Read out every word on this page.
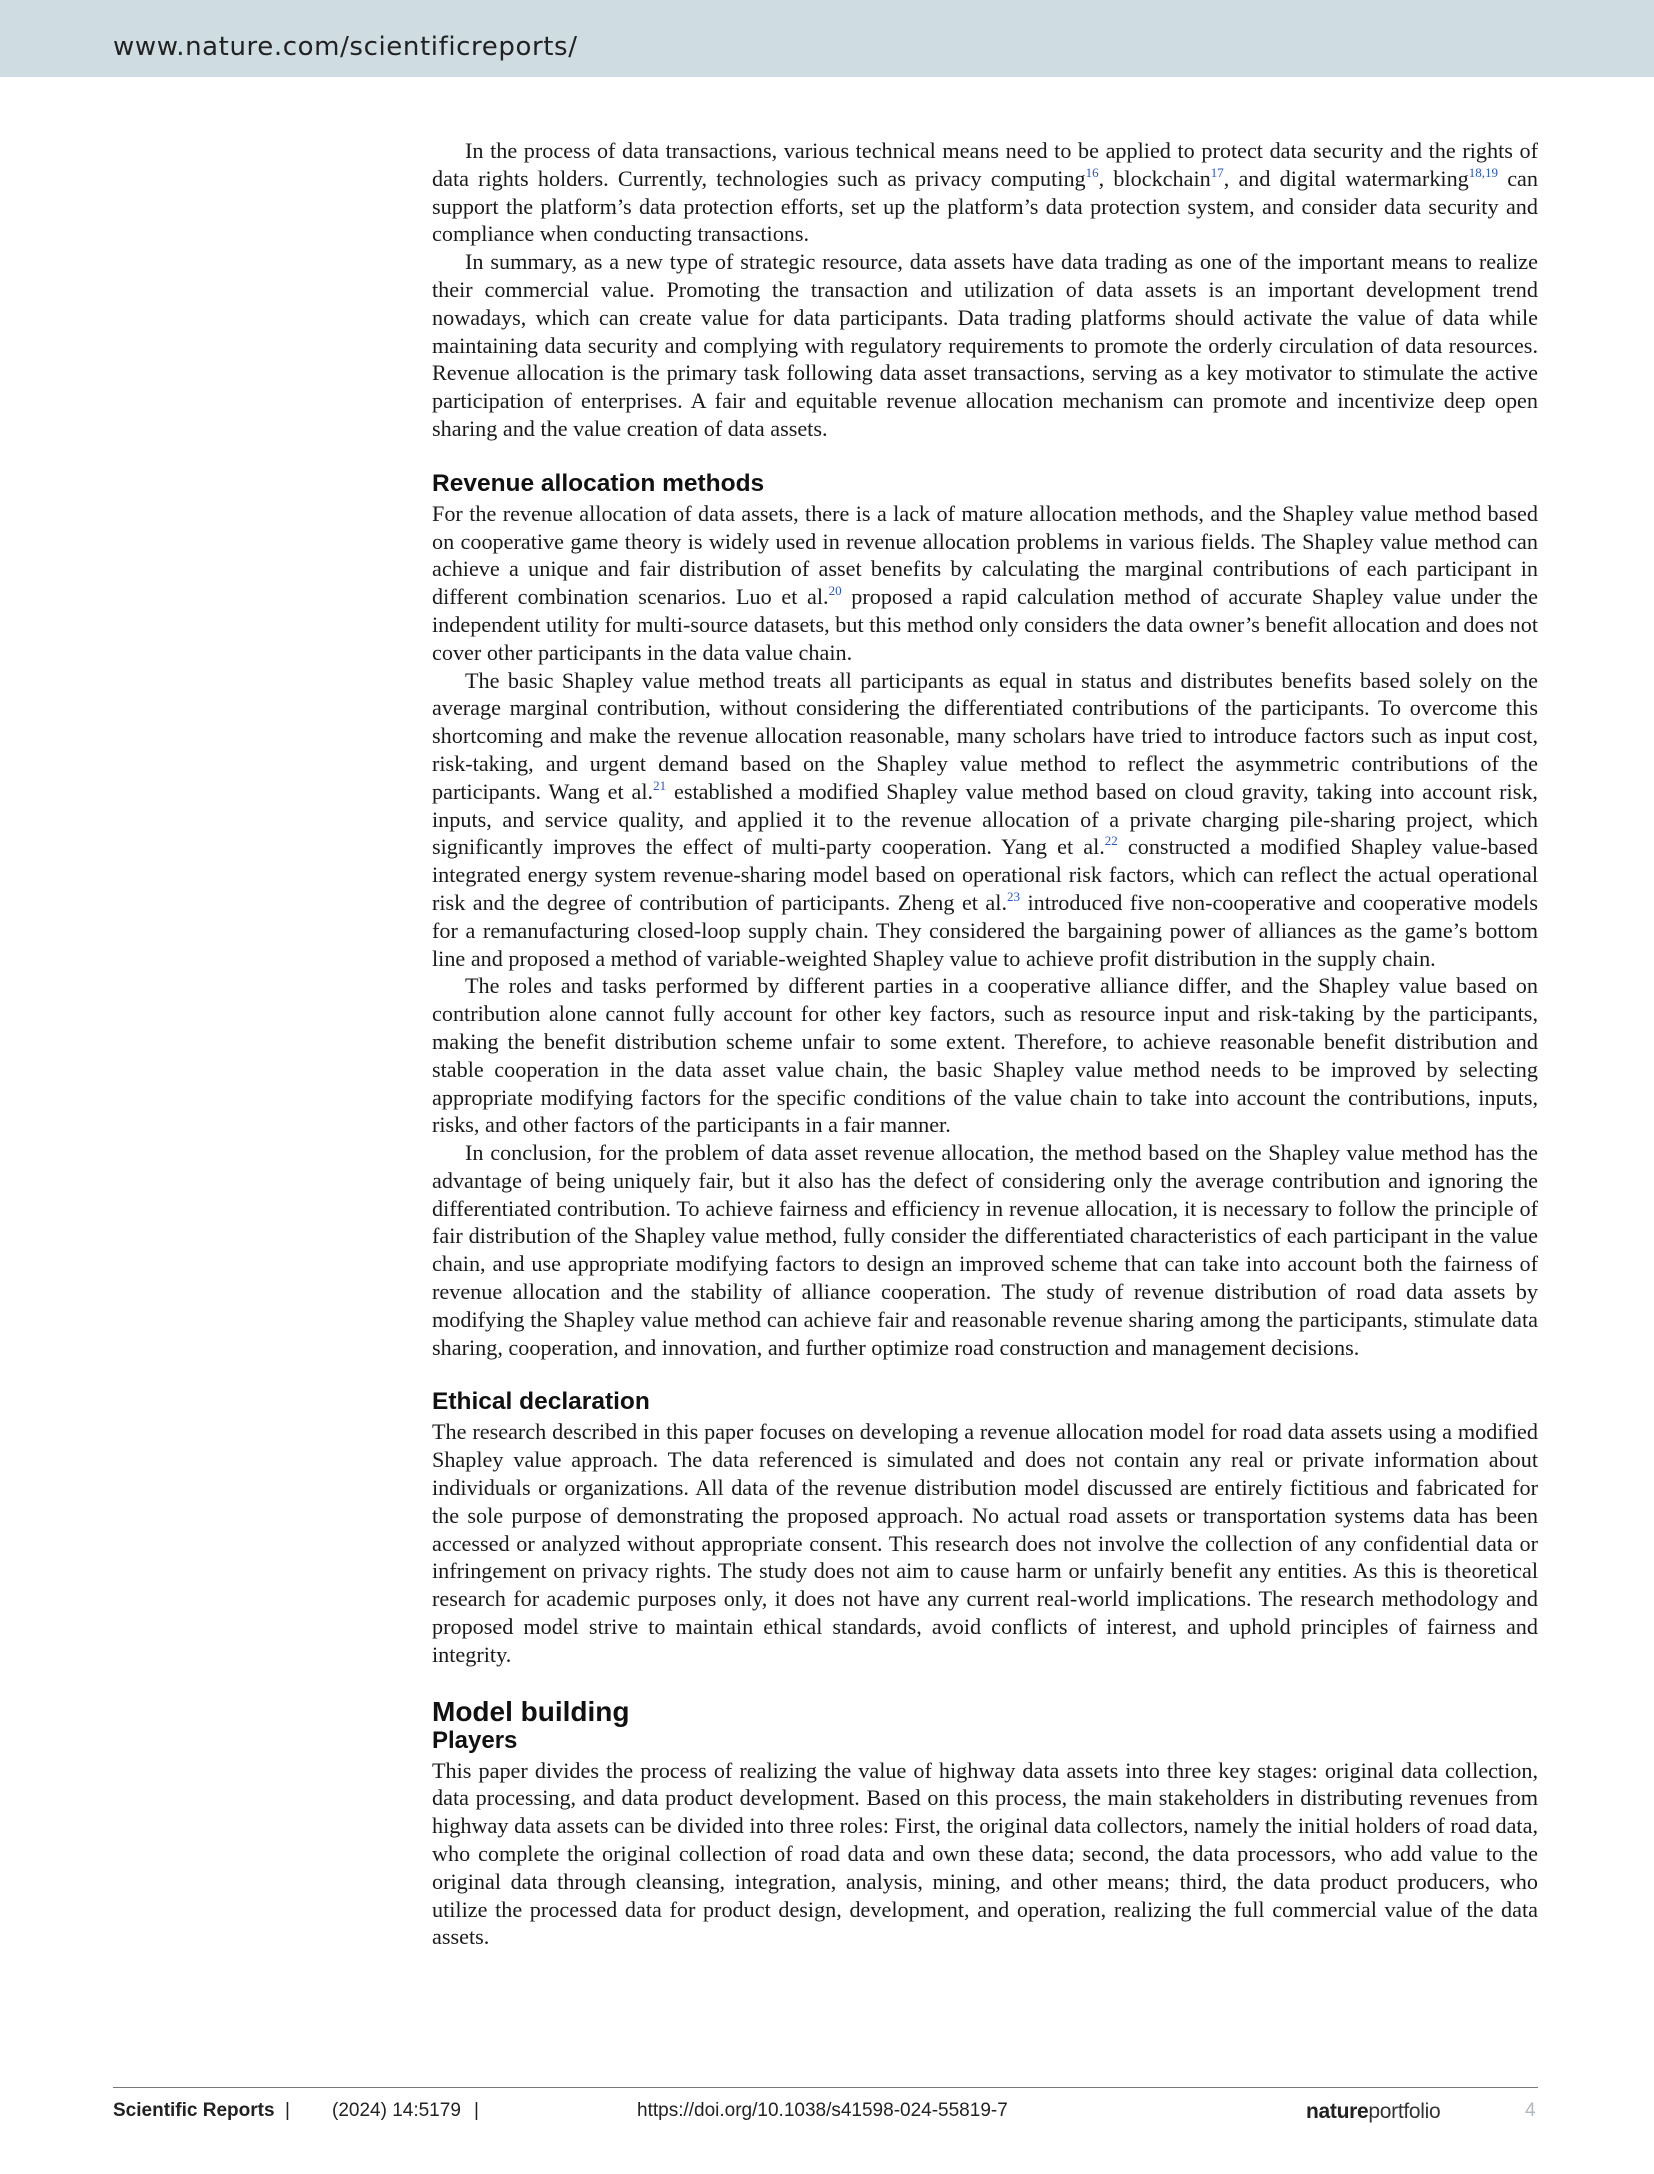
www.nature.com/scientificreports/

In the process of data transactions, various technical means need to be applied to protect data security and the rights of data rights holders. Currently, technologies such as privacy computing$^{16}$, blockchain$^{17}$, and digital watermarking$^{18,19}$ can support the platform’s data protection efforts, set up the platform’s data protection system, and consider data security and compliance when conducting transactions.

In summary, as a new type of strategic resource, data assets have data trading as one of the important means to realize their commercial value. Promoting the transaction and utilization of data assets is an important development trend nowadays, which can create value for data participants. Data trading platforms should activate the value of data while maintaining data security and complying with regulatory requirements to promote the orderly circulation of data resources. Revenue allocation is the primary task following data asset transactions, serving as a key motivator to stimulate the active participation of enterprises. A fair and equitable revenue allocation mechanism can promote and incentivize deep open sharing and the value creation of data assets.

Revenue allocation methods

For the revenue allocation of data assets, there is a lack of mature allocation methods, and the Shapley value method based on cooperative game theory is widely used in revenue allocation problems in various fields. The Shapley value method can achieve a unique and fair distribution of asset benefits by calculating the marginal contributions of each participant in different combination scenarios. Luo et al.$^{20}$ proposed a rapid calculation method of accurate Shapley value under the independent utility for multi-source datasets, but this method only considers the data owner’s benefit allocation and does not cover other participants in the data value chain.

The basic Shapley value method treats all participants as equal in status and distributes benefits based solely on the average marginal contribution, without considering the differentiated contributions of the participants. To overcome this shortcoming and make the revenue allocation reasonable, many scholars have tried to introduce factors such as input cost, risk-taking, and urgent demand based on the Shapley value method to reflect the asymmetric contributions of the participants. Wang et al.$^{21}$ established a modified Shapley value method based on cloud gravity, taking into account risk, inputs, and service quality, and applied it to the revenue allocation of a private charging pile-sharing project, which significantly improves the effect of multi-party cooperation. Yang et al.$^{22}$ constructed a modified Shapley value-based integrated energy system revenue-sharing model based on operational risk factors, which can reflect the actual operational risk and the degree of contribution of participants. Zheng et al.$^{23}$ introduced five non-cooperative and cooperative models for a remanufacturing closed-loop supply chain. They considered the bargaining power of alliances as the game’s bottom line and proposed a method of variable-weighted Shapley value to achieve profit distribution in the supply chain.

The roles and tasks performed by different parties in a cooperative alliance differ, and the Shapley value based on contribution alone cannot fully account for other key factors, such as resource input and risk-taking by the participants, making the benefit distribution scheme unfair to some extent. Therefore, to achieve reasonable benefit distribution and stable cooperation in the data asset value chain, the basic Shapley value method needs to be improved by selecting appropriate modifying factors for the specific conditions of the value chain to take into account the contributions, inputs, risks, and other factors of the participants in a fair manner.

In conclusion, for the problem of data asset revenue allocation, the method based on the Shapley value method has the advantage of being uniquely fair, but it also has the defect of considering only the average contribution and ignoring the differentiated contribution. To achieve fairness and efficiency in revenue allocation, it is necessary to follow the principle of fair distribution of the Shapley value method, fully consider the differentiated characteristics of each participant in the value chain, and use appropriate modifying factors to design an improved scheme that can take into account both the fairness of revenue allocation and the stability of alliance cooperation. The study of revenue distribution of road data assets by modifying the Shapley value method can achieve fair and reasonable revenue sharing among the participants, stimulate data sharing, cooperation, and innovation, and further optimize road construction and management decisions.

Ethical declaration

The research described in this paper focuses on developing a revenue allocation model for road data assets using a modified Shapley value approach. The data referenced is simulated and does not contain any real or private information about individuals or organizations. All data of the revenue distribution model discussed are entirely fictitious and fabricated for the sole purpose of demonstrating the proposed approach. No actual road assets or transportation systems data has been accessed or analyzed without appropriate consent. This research does not involve the collection of any confidential data or infringement on privacy rights. The study does not aim to cause harm or unfairly benefit any entities. As this is theoretical research for academic purposes only, it does not have any current real-world implications. The research methodology and proposed model strive to maintain ethical standards, avoid conflicts of interest, and uphold principles of fairness and integrity.

Model building
Players

This paper divides the process of realizing the value of highway data assets into three key stages: original data collection, data processing, and data product development. Based on this process, the main stakeholders in distributing revenues from highway data assets can be divided into three roles: First, the original data collectors, namely the initial holders of road data, who complete the original collection of road data and own these data; second, the data processors, who add value to the original data through cleansing, integration, analysis, mining, and other means; third, the data product producers, who utilize the processed data for product design, development, and operation, realizing the full commercial value of the data assets.

Scientific Reports | (2024) 14:5179 |	https://doi.org/10.1038/s41598-024-55819-7	natureportfolio	4
